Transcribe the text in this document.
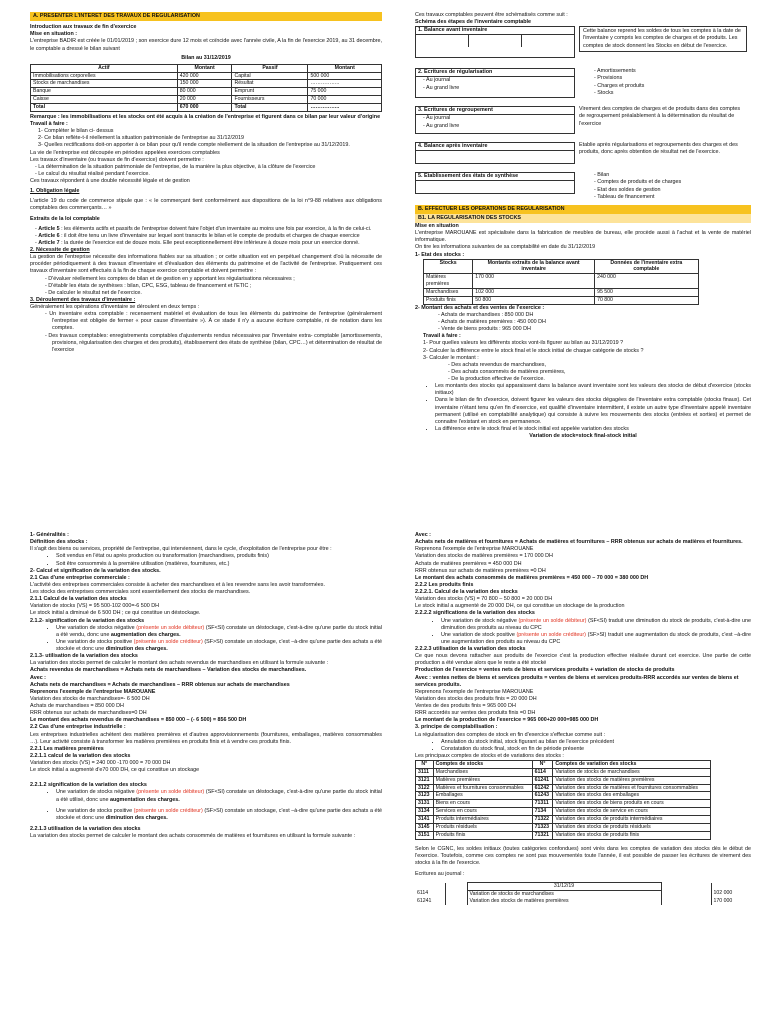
A. PRESENTER L'INTERET DES TRAVAUX DE REGULARISATION

Introduction aux travaux de fin d'exercice

Mise en situation :

L'entreprise BADIR est créée le 01/01/2019 ; son exercice dure 12 mois et coïncide avec l'année civile, A la fin de l'exercice 2019, au 31 decembre, le comptable a dressé le bilan suivant

Bilan au 31/12/2019

Actif	Montant	Passif	Montant
Immobilisations corporelles	420 000	Capital	500 000
Stocks de marchandises	150 000	Résultat	……………..
Banque	80 000	Emprunt	75 000
Caisse	20 000	Fournisseurs	70 000
Total	670 000	Total	……………..

Remarque : les immobilisations et les stocks ont été acquis à la création de l'entreprise et figurent dans ce bilan par leur valeur d'origine

Travail à faire :

1- Compléter le bilan ci- dessus

2- Ce bilan reflète-t-il réellement la situation patrimoniale de l'entreprise au 31/12/2019

3- Quelles rectifications doit-on apporter à ce bilan pour qu'il rende compte réellement de la situation de l'entreprise au 31/12/2019.

La vie de l'entreprise est découpée en périodes appelées exercices comptables

Les travaux d'inventaire (ou travaux de fin d'exercice) doivent permettre :

- La détermination de la situation patrimoniale de l'entreprise, de la manière la plus objective, à la clôture de l'exercice
- Le calcul du résultat réalisé pendant l'exercice.

Ces travaux répondent à une double nécessité légale et de gestion

1. Obligation légale

L'article 19 du code de commerce stipule que : « le commerçant tient conformément aux dispositions de la loi n°9-88 relatives aux obligations comptables des commerçants… »

Extraits de la loi comptable

- Article 5 : les éléments actifs et passifs de l'entreprise doivent faire l'objet d'un inventaire au moins une fois par exercice, à la fin de celui-ci.
- Article 6 : il doit être tenu un livre d'inventaire sur lequel sont transcrits le bilan et le compte de produits et charges de chaque exercice
- Article 7 : la durée de l'exercice est de douze mois. Elle peut exceptionnellement être inférieure à douze mois pour un exercice donné.

2. Nécessite de gestion

La gestion de l'entreprise nécessite des informations fiables sur sa situation ; or cette situation est en perpétuel changement d'où la nécessite de procéder périodiquement à des travaux d'inventaire et d'évaluation des éléments du patrimoine et de l'activité de l'entreprise. Pratiquement ces travaux d'inventaire sont effectués à la fin de chaque exercice comptable et doivent permettre :

- D'évaluer réellement les comptes de bilan et de gestion en y apportant les régularisations nécessaires ;
- D'établir les états de synthèses : bilan, CPC, ESG, tableau de financement et l'ETIC ;
- De calculer le résultat net de l'exercice.

3. Déroulement des travaux d'inventaire :

Généralement les opérations d'inventaire se déroulent en deux temps :

- Un inventaire extra comptable : recensement matériel et évaluation de tous les éléments du patrimoine de l'entreprise (généralement l'entreprise est obligée de fermer « pour cause d'inventaire »). À ce stade il n'y a aucune écriture comptable, ni de notation dans les comptes.
- Des travaux comptables: enregistrements comptables d'ajustements rendus nécessaires par l'inventaire extra- comptable (amortissements, provisions, régularisation des charges et des produits), établissement des états de synthèse (bilan, CPC…) et détermination de résultat de l'exercice

Ces travaux comptables peuvent être schématisés comme suit :

Schéma des étapes de l'inventaire comptable

1. Balance avant inventaire	Cette balance reprend les soldes de tous les comptes à la date de l'inventaire y compris les comptes de charges et de produits. Les comptes de stock donnent les Stocks en début de l'exercice.
2. Ecritures de régularisation
- Au journal
- Au grand livre
- Amortissements
- Provisions
- Charges et produits
- Stocks
3. Ecritures de regroupement
- Au journal
- Au grand livre
Virement des comptes de charges et de produits dans des comptes de regroupement préalablement à la détermination du résultat de l'exercice
4. Balance après inventaire	Etablie après régularisations et regroupements des charges et des produits, donc après obtention de résultat net de l'exercice.
5. Etablissement des états de synthèse	- Bilan
- Comptes de produits et de charges
- Etat des soldes de gestion
- Tableau de financement
B. EFFECTUER LES OPERATIONS DE REGULARISATION
B1. LA REGULARISATION DES STOCKS

Mise en situation

L'entreprise MAROUANE est spécialisée dans la fabrication de meubles de bureau, elle procède aussi à l'achat et la vente de matériel informatique.

On tire les informations suivantes de sa comptabilité en date du 31/12/2019

1- Etat des stocks :

Stocks	Montants extraits de la balance avant inventaire	Données de l'inventaire extra comptable
Matières premières	170 000	240 000
Marchandises	102 000	95 500
Produits finis	50 800	70 800

2- Montant des achats et des ventes de l'exercice :

- Achats de marchandises : 850 000 DH
- Achats de matières premières : 450 000 DH
- Vente de biens produits : 965 000 DH

Travail à faire :

1- Pour quelles valeurs les différents stocks vont-ils figurer au bilan au 31/12/2019 ?

2- Calculer la différence entre le stock final et le stock initial de chaque catégorie de stocks ?

3- Calculer le montant :

- Des achats revendus de marchandises,
- Des achats consommés de matières premières,
- De la production effective de l'exercice.
• Les montants des stocks qui apparaissent dans la balance avant inventaire sont les valeurs des stocks de début d'exercice (stocks initiaux)
• Dans le bilan de fin d'exercice, doivent figurer les valeurs des stocks dégagées de l'inventaire extra comptable (stocks finaux). Cet inventaire n'étant tenu qu'en fin d'exercice, est qualifié d'inventaire intermittent, il existe un autre type d'inventaire appelé inventaire permanent (utilisé en comptabilité analytique) qui consiste à suivre les mouvements des stocks (entrées et sorties) et permet de connaitre l'existant en stock en permanence.
• La différence entre le stock final et le stock initial est appelée variation des stocks

Variation de stock=stock final-stock initial

1- Généralités :

Définition des stocks :

Il s'agit des biens ou services, propriété de l'entreprise, qui interviennent, dans le cycle, d'exploitation de l'entreprise pour être :

• Soit vendus en l'état ou après production ou transformation (marchandises, produits finis)
• Soit être consommés à la première utilisation (matières, fournitures, etc.)

2- Calcul et signification de la variation des stocks.

2.1 Cas d'une entreprise commerciale :

L'activité des entreprises commerciales consiste à acheter des marchandises et à les revendre sans les avoir transformées.

Les stocks des entreprises commerciales sont essentiellement des stocks de marchandises.

2.1.1 Calcul de la variation des stocks

Variation de stocks (VS) = 95 500-102 000=-6 500 DH

Le stock initial a diminué de 6 500 DH ; ce qui constitue un déstockage.

2.1.2- signification de la variation des stocks

• Une variation de stocks négative (présente un solde débiteur) (SF<SI) constate un déstockage, c'est-à-dire qu'une partie du stock initial a été vendu, donc une augmentation des charges.
• Une variation de stocks positive (présente un solde créditeur) (SF>SI) constate un stockage, c'est –à-dire qu'une partie des achats a été stockée et donc une diminution des charges.

2.1.3- utilisation de la variation des stocks

La variation des stocks permet de calculer le montant des achats revendus de marchandises en utilisant la formule suivante :

Achats revendus de marchandises = Achats nets de marchandises – Variation des stocks de marchandises.

Avec :

Achats nets de marchandises = Achats de marchandises – RRR obtenus sur achats de marchandises

Reprenons l'exemple de l'entreprise MAROUANE

Variation des stocks de marchandises=- 6 500 DH

Achats de marchandises = 850 000 DH

RRR obtenus sur achats de marchandises=0 DH

Le montant des achats revendus de marchandises = 850 000 – (- 6 500) = 856 500 DH

2.2 Cas d'une entreprise industrielle :

Les entreprises industrielles achètent des matières premières et d'autres approvisionnements (fournitures, emballages, matières consommables …). Leur activité consiste à transformer les matières premières en produits finis et à vendre ces produits finis.

2.2.1 Les matières premières

2.2.1.1 calcul de la variation des stocks

Variation des stocks (VS) = 240 000 -170 000 = 70 000 DH

Le stock initial a augmenté d'e70 000 DH, ce qui constitue un stockage

2.2.1.2 signification de la variation des stocks

• Une variation de stocks négative (présente un solde débiteur) (SF<SI) constate un déstockage, c'est-à-dire qu'une partie du stock initial a été utilisé, donc une augmentation des charges.
• Une variation de stocks positive (présente un solde créditeur) (SF>SI) constate un stockage, c'est –à-dire qu'une partie des achats a été stockée et donc une diminution des charges.

2.2.1.3 utilisation de la variation des stocks

La variation des stocks permet de calculer le montant des achats consommés de matières et fournitures en utilisant la formule suivante :

Avec :

Achats nets de matières et fournitures = Achats de matières et fournitures – RRR obtenus sur achats de matières et fournitures.

Reprenons l'exemple de l'entreprise MAROUANE

Variation des stocks de matières premières = 170 000 DH

Achats de matières premières = 450 000 DH

RRR obtenus sur achats de matières premières =0 DH

Le montant des achats consommés de matières premières = 450 000 – 70 000 = 380 000 DH

2.2.2 Les produits finis

2.2.2.1. Calcul de la variation des stocks

Variation des stocks (VS) = 70 800 – 50 800 = 20 000 DH

Le stock initial a augmenté de 20 000 DH, ce qui constitue un stockage de la production

2.2.2.2 significations de la variation des stocks

• Une variation de stock négative (présente un solde débiteur) (SF<SI) traduit une diminution du stock de produits, c'est-à-dire une diminution des produits au niveau du CPC
• Une variation de stock positive (présente un solde créditeur) (SF>SI) traduit une augmentation du stock de produits, c'est –à-dire une augmentation des produits au niveau du CPC

2.2.2.3 utilisation de la variation des stocks

Ce que nous devons rattacher aux produits de l'exercice c'est la production effective réalisée durant cet exercice. Une partie de cette production a été vendue alors que le reste a été stocké

Production de l'exercice = ventes nets de biens et services produits + variation de stocks de produits

Avec : ventes nettes de biens et services produits = ventes de biens et services produits-RRR accordés sur ventes de biens et services produits.

Reprenons l'exemple de l'entreprise MAROUANE

Variation des stocks des produits finis = 20 000 DH

Ventes de des produits finis = 965 000 DH

RRR accordés sur ventes des produits finis =0 DH

Le montant de la production de l'exercice = 965 000+20 000=985 000 DH

3. principe de comptabilisation :

La régularisation des comptes de stock en fin d'exercice s'effectue comme suit :

• Annulation du stock initial, stock figurant au bilan de l'exercice précédent
• Constatation du stock final, stock en fin de période présente

Les principaux comptes de stocks et de variations des stocks :

N°	Comptes de stocks	N°	Comptes de variation des stocks
3111	Marchandises	6114	Variation de stocks de marchandises
3121	Matières premières	61241	Variation des stocks de matières premières
3122	Matières et fournitures consommables	61242	Variation des stocks de matières et fournitures consommables
3123	Emballages	61243	Variation des stocks des emballages
3131	Biens en cours	71311	Variation des stocks de biens produits en cours
3134	Services en cours	7134	Variation des stocks de service en cours
3141	Produits intermédiaires	71322	Variation des stocks de produits intermédiaires
3145	Produits résiduels	71323	Variation des stocks de produits résiduels
3151	Produits finis	71321	Variation des stocks de produits finis

Selon le CGNC, les soldes initiaux (toutes catégories confondues) sont virés dans les comptes de variation des stocks dès le début de l'exercice. Toutefois, comme ces comptes ne sont pas mouvementés toute l'année, il est possible de passer les écritures de virement des stocks à la fin de l'exercice.

Ecritures au journal :

		31/12/19		
6114		Variation de stocks de marchandises		102 000
61241		Variation des stocks de matières premières		170 000
